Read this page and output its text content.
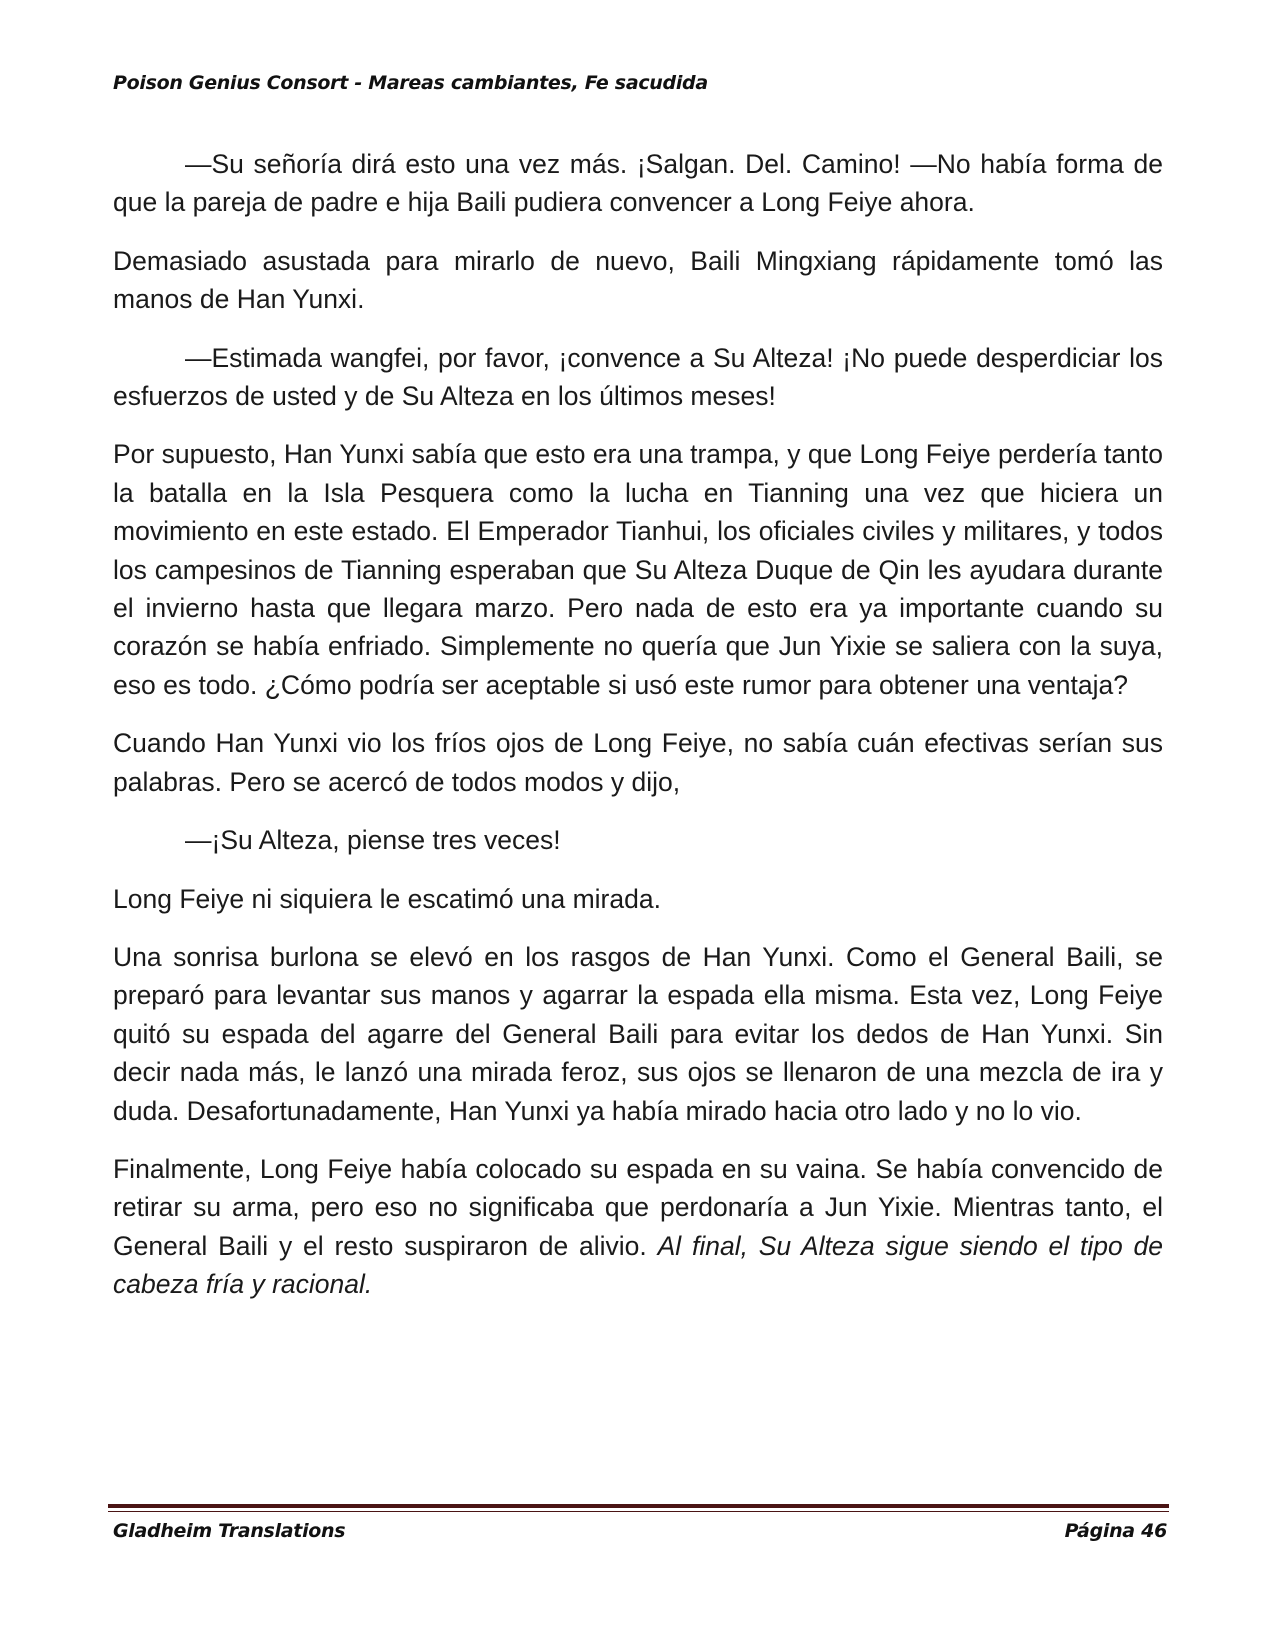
Poison Genius Consort - Mareas cambiantes, Fe sacudida

—Su señoría dirá esto una vez más. ¡Salgan. Del. Camino! —No había forma de que la pareja de padre e hija Baili pudiera convencer a Long Feiye ahora.

Demasiado asustada para mirarlo de nuevo, Baili Mingxiang rápidamente tomó las manos de Han Yunxi.

—Estimada wangfei, por favor, ¡convence a Su Alteza! ¡No puede desperdiciar los esfuerzos de usted y de Su Alteza en los últimos meses!

Por supuesto, Han Yunxi sabía que esto era una trampa, y que Long Feiye perdería tanto la batalla en la Isla Pesquera como la lucha en Tianning una vez que hiciera un movimiento en este estado. El Emperador Tianhui, los oficiales civiles y militares, y todos los campesinos de Tianning esperaban que Su Alteza Duque de Qin les ayudara durante el invierno hasta que llegara marzo. Pero nada de esto era ya importante cuando su corazón se había enfriado. Simplemente no quería que Jun Yixie se saliera con la suya, eso es todo. ¿Cómo podría ser aceptable si usó este rumor para obtener una ventaja?

Cuando Han Yunxi vio los fríos ojos de Long Feiye, no sabía cuán efectivas serían sus palabras. Pero se acercó de todos modos y dijo,

—¡Su Alteza, piense tres veces!

Long Feiye ni siquiera le escatimó una mirada.

Una sonrisa burlona se elevó en los rasgos de Han Yunxi. Como el General Baili, se preparó para levantar sus manos y agarrar la espada ella misma. Esta vez, Long Feiye quitó su espada del agarre del General Baili para evitar los dedos de Han Yunxi. Sin decir nada más, le lanzó una mirada feroz, sus ojos se llenaron de una mezcla de ira y duda. Desafortunadamente, Han Yunxi ya había mirado hacia otro lado y no lo vio.

Finalmente, Long Feiye había colocado su espada en su vaina. Se había convencido de retirar su arma, pero eso no significaba que perdonaría a Jun Yixie. Mientras tanto, el General Baili y el resto suspiraron de alivio. Al final, Su Alteza sigue siendo el tipo de cabeza fría y racional.

Gladheim Translations	Página 46
